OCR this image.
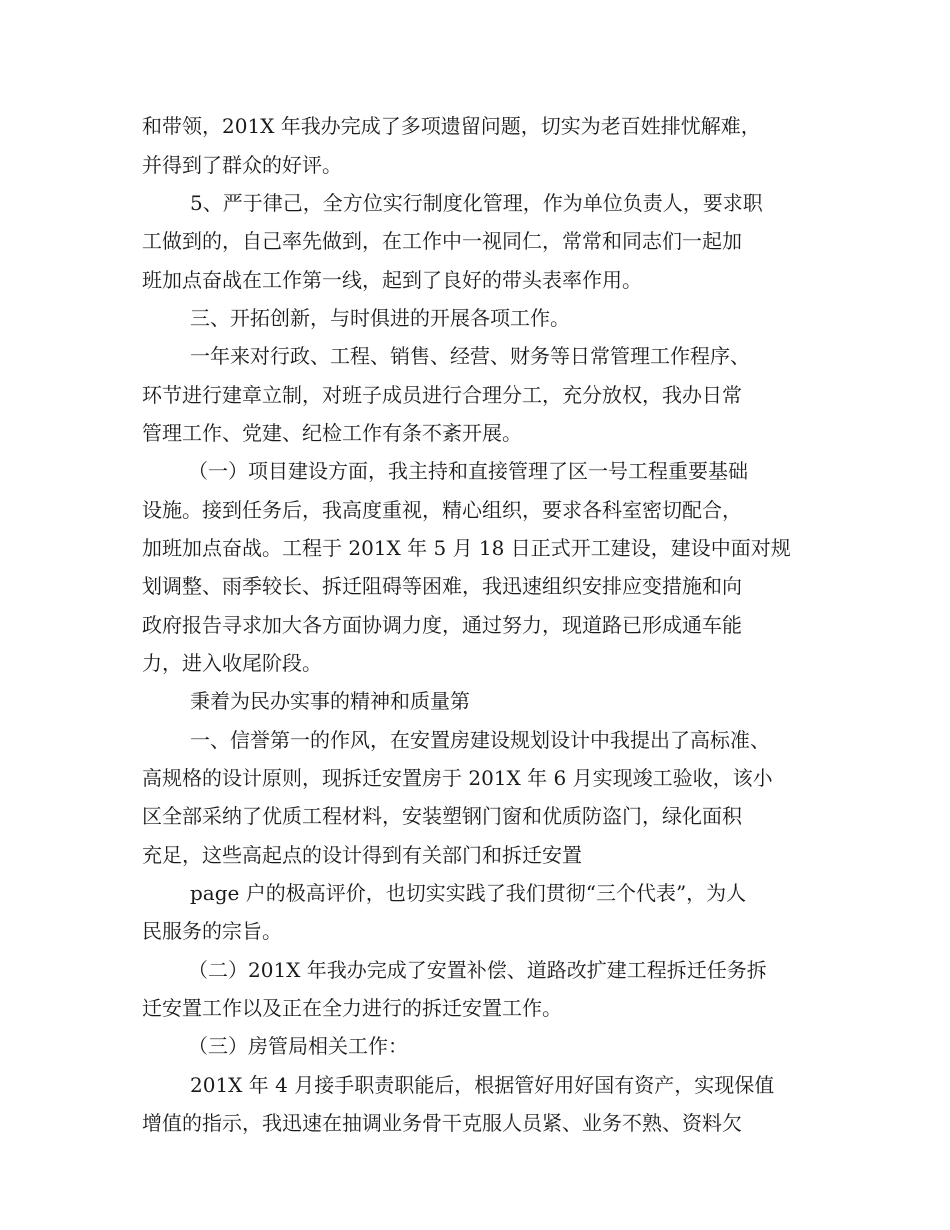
和带领，201X 年我办完成了多项遗留问题，切实为老百姓排忧解难，
并得到了群众的好评。
5、严于律己，全方位实行制度化管理，作为单位负责人，要求职
工做到的，自己率先做到，在工作中一视同仁，常常和同志们一起加
班加点奋战在工作第一线，起到了良好的带头表率作用。
三、开拓创新，与时俱进的开展各项工作。
一年来对行政、工程、销售、经营、财务等日常管理工作程序、
环节进行建章立制，对班子成员进行合理分工，充分放权，我办日常
管理工作、党建、纪检工作有条不紊开展。
（一）项目建设方面，我主持和直接管理了区一号工程重要基础
设施。接到任务后，我高度重视，精心组织，要求各科室密切配合，
加班加点奋战。工程于 201X 年 5 月 18 日正式开工建设，建设中面对规
划调整、雨季较长、拆迁阻碍等困难，我迅速组织安排应变措施和向
政府报告寻求加大各方面协调力度，通过努力，现道路已形成通车能
力，进入收尾阶段。
秉着为民办实事的精神和质量第
一、信誉第一的作风，在安置房建设规划设计中我提出了高标准、
高规格的设计原则，现拆迁安置房于 201X 年 6 月实现竣工验收，该小
区全部采纳了优质工程材料，安装塑钢门窗和优质防盗门，绿化面积
充足，这些高起点的设计得到有关部门和拆迁安置
page 户的极高评价，也切实实践了我们贯彻“三个代表”，为人
民服务的宗旨。
（二）201X 年我办完成了安置补偿、道路改扩建工程拆迁任务拆
迁安置工作以及正在全力进行的拆迁安置工作。
（三）房管局相关工作：
201X 年 4 月接手职责职能后，根据管好用好国有资产，实现保值
增值的指示，我迅速在抽调业务骨干克服人员紧、业务不熟、资料欠
